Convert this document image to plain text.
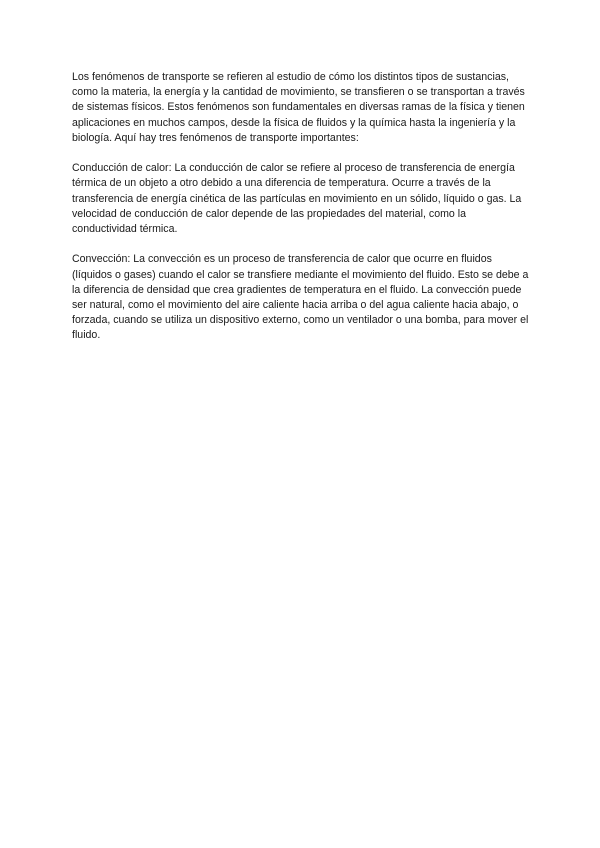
Los fenómenos de transporte se refieren al estudio de cómo los distintos tipos de sustancias, como la materia, la energía y la cantidad de movimiento, se transfieren o se transportan a través de sistemas físicos. Estos fenómenos son fundamentales en diversas ramas de la física y tienen aplicaciones en muchos campos, desde la física de fluidos y la química hasta la ingeniería y la biología. Aquí hay tres fenómenos de transporte importantes:

Conducción de calor: La conducción de calor se refiere al proceso de transferencia de energía térmica de un objeto a otro debido a una diferencia de temperatura. Ocurre a través de la transferencia de energía cinética de las partículas en movimiento en un sólido, líquido o gas. La velocidad de conducción de calor depende de las propiedades del material, como la conductividad térmica.

Convección: La convección es un proceso de transferencia de calor que ocurre en fluidos (líquidos o gases) cuando el calor se transfiere mediante el movimiento del fluido. Esto se debe a la diferencia de densidad que crea gradientes de temperatura en el fluido. La convección puede ser natural, como el movimiento del aire caliente hacia arriba o del agua caliente hacia abajo, o forzada, cuando se utiliza un dispositivo externo, como un ventilador o una bomba, para mover el fluido.
